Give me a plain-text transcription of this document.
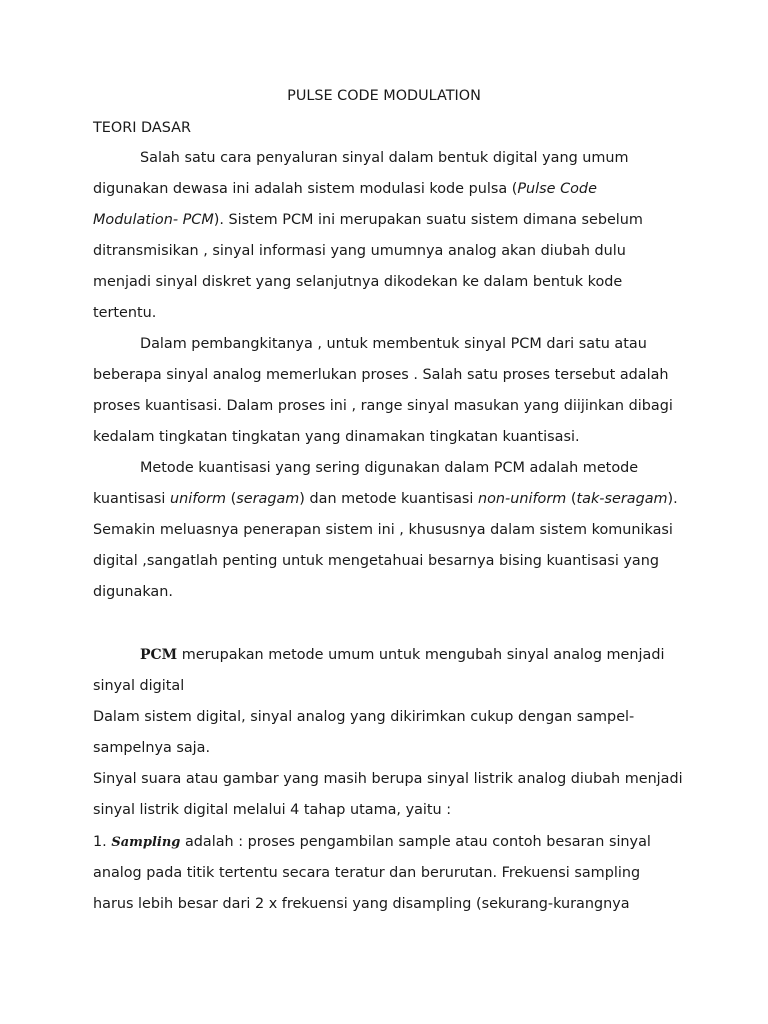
PULSE CODE MODULATION
TEORI DASAR
Salah satu cara penyaluran sinyal dalam bentuk digital yang umum
digunakan dewasa ini adalah sistem modulasi kode pulsa (Pulse Code
Modulation- PCM). Sistem PCM ini merupakan suatu sistem dimana sebelum
ditransmisikan , sinyal informasi yang umumnya analog akan diubah dulu
menjadi sinyal diskret yang selanjutnya dikodekan ke dalam bentuk kode
tertentu.
Dalam pembangkitanya , untuk membentuk sinyal PCM dari satu atau
beberapa sinyal analog memerlukan proses . Salah satu proses tersebut adalah
proses kuantisasi. Dalam proses ini , range sinyal masukan yang diijinkan dibagi
kedalam tingkatan tingkatan yang dinamakan tingkatan kuantisasi.
Metode kuantisasi yang sering digunakan dalam PCM adalah metode
kuantisasi uniform (seragam) dan metode kuantisasi non-uniform (tak-seragam).
Semakin meluasnya penerapan sistem ini , khususnya dalam sistem komunikasi
digital ,sangatlah penting untuk mengetahuai besarnya bising kuantisasi yang
digunakan.
PCM merupakan metode umum untuk mengubah sinyal analog menjadi
sinyal digital
Dalam sistem digital, sinyal analog yang dikirimkan cukup dengan sampel-
sampelnya saja.
Sinyal suara atau gambar yang masih berupa sinyal listrik analog diubah menjadi
sinyal listrik digital melalui 4 tahap utama, yaitu :
1. Sampling adalah : proses pengambilan sample atau contoh besaran sinyal
analog pada titik tertentu secara teratur dan berurutan. Frekuensi sampling
harus lebih besar dari 2 x frekuensi yang disampling (sekurang-kurangnya
